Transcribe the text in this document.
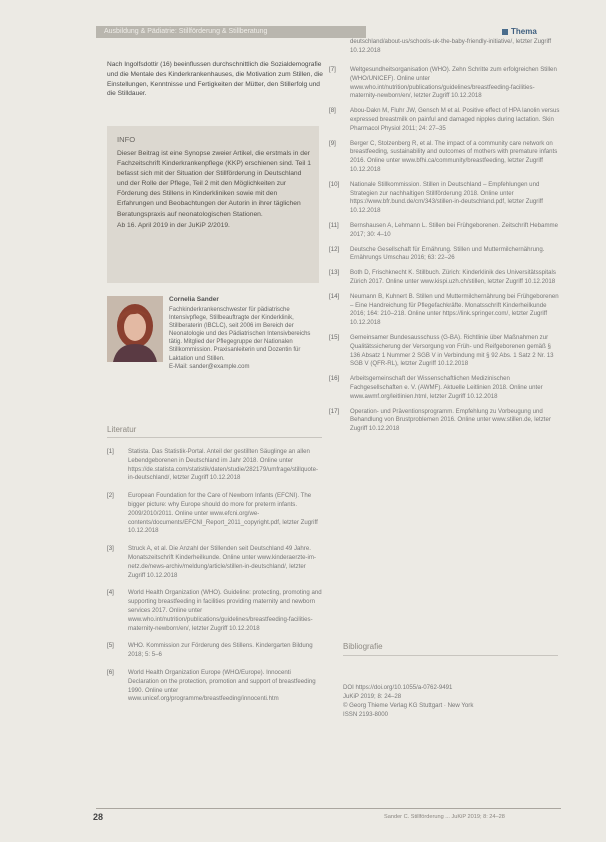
Ausbildung & Pädiatrie: Stillförderung & Stillberatung	Thema
Nach Ingolfsdottir (16) beeinflussen durchschnittlich die Sozialdemografie und die Mentale des Kinderkrankenhauses, die Motivation zum Stillen, die Einstellungen, Kenntnisse und Fertigkeiten der Mütter, den Stillerfolg und die Stilldauer.
INFO

Dieser Beitrag ist eine Synopse zweier Artikel, die erstmals in der Fachzeitschrift Kinderkrankenpflege (KKP) erschienen sind. Teil 1 befasst sich mit der Situation der Stillförderung in Deutschland und der Rolle der Pflege, Teil 2 mit den Möglichkeiten zur Förderung des Stillens in Kinderkliniken sowie mit den Erfahrungen und Beobachtungen der Autorin in ihrer täglichen Beratungspraxis auf neonatologischen Stationen.

Ab 16. April 2019 in der JuKiP 2/2019.

Cornelia Sander
Fachkinderkrankenschwester für pädiatrische Intensivpflege, Stillbeauftragte der Kinderklinik, Stillberaterin (IBCLC), seit 2006 im Bereich der Neonatologie und des Pädiatrischen Intensivbereichs tätig. Mitglied der Pflegegruppe der Nationalen Stillkommission. Praxisanleiterin und Dozentin für Laktation und Stillen.
E-Mail: sander@example.com
Literatur
[1] Statista. Das Statistik-Portal. Anteil der gestillten Säuglinge an allen Lebendgeborenen in Deutschland im Jahr 2018. Online unter https://de.statista.com/statistik/daten/studie/282179/umfrage/stillquote-in-deutschland/, letzter Zugriff 10.12.2018
[2] European Foundation for the Care of Newborn Infants (EFCNI). The bigger picture: why Europe should do more for preterm infants. 2009/2010/2011. Online unter www.efcni.org/we-contents/documents/EFCNI_Report_2011_copyright.pdf, letzter Zugriff 10.12.2018
[3] Struck A, et al. Die Anzahl der Stillenden seit Deutschland 49 Jahre. Monatszeitschrift Kinderheilkunde. Online unter www.kinderaerzte-im-netz.de/news-archiv/meldung/article/stillen-in-deutschland/, letzter Zugriff 10.12.2018
[4] World Health Organization (WHO). Guideline: protecting, promoting and supporting breastfeeding in facilities providing maternity and newborn services 2017. Online unter www.who.int/nutrition/publications/guidelines/breastfeeding-facilities-maternity-newborn/en/, letzter Zugriff 10.12.2018
[5] WHO. Kommission zur Förderung des Stillens. Kindergarten Bildung 2018; 5: 5–6
[6] World Health Organization Europe (WHO/Europe). Innocenti Declaration on the protection, promotion and support of breastfeeding 1990. Online unter www.unicef.org/programme/breastfeeding/innocenti.htm
deutschland/about-us/schools-uk-the-baby-friendly-initiative/, letzter Zugriff 10.12.2018
[7] Weltgesundheitsorganisation (WHO). Zehn Schritte zum erfolgreichen Stillen (WHO/UNICEF). Online unter www.who.int/nutrition/publications/guidelines/breastfeeding-facilities-maternity-newborn/en/, letzter Zugriff 10.12.2018
[8] Abou-Dakn M, Fluhr JW, Gensch M et al. Positive effect of HPA lanolin versus expressed breastmilk on painful and damaged nipples during lactation. Skin Pharmacol Physiol 2011; 24: 27–35
[9] Berger C, Stolzenberg R, et al. The impact of a community care network on breastfeeding, sustainability and outcomes of mothers with premature infants 2016. Online unter www.bfhi.ca/community/breastfeeding, letzter Zugriff 10.12.2018
[10] Nationale Stillkommission. Stillen in Deutschland – Empfehlungen und Strategien zur nachhaltigen Stillförderung 2018. Online unter https://www.bfr.bund.de/cm/343/stillen-in-deutschland.pdf, letzter Zugriff 10.12.2018
[11] Bernshausen A, Lehmann L. Stillen bei Frühgeborenen. Zeitschrift Hebamme 2017; 30: 4–10
[12] Deutsche Gesellschaft für Ernährung. Stillen und Muttermilchernährung. Ernährungs Umschau 2016; 63: 22–26
[13] Both D, Frischknecht K. Stillbuch. Zürich: Kinderklinik des Universitätsspitals Zürich 2017. Online unter www.kispi.uzh.ch/stillen, letzter Zugriff 10.12.2018
[14] Neumann B, Kuhnert B. Stillen und Muttermilchernährung bei Frühgeborenen – Eine Handreichung für Pflegefachkräfte. Monatsschrift Kinderheilkunde 2016; 164: 210–218. Online unter https://link.springer.com/, letzter Zugriff 10.12.2018
[15] Gemeinsamer Bundesausschuss (G-BA). Richtlinie über Maßnahmen zur Qualitätssicherung der Versorgung von Früh- und Reifgeborenen gemäß § 136 Absatz 1 Nummer 2 SGB V in Verbindung mit § 92 Abs. 1 Satz 2 Nr. 13 SGB V (QFR-RL), letzter Zugriff 10.12.2018
[16] Arbeitsgemeinschaft der Wissenschaftlichen Medizinischen Fachgesellschaften e. V. (AWMF). Aktuelle Leitlinien 2018. Online unter www.awmf.org/leitlinien.html, letzter Zugriff 10.12.2018
[17] Operation- und Präventionsprogramm. Empfehlung zu Vorbeugung und Behandlung von Brustproblemen 2016. Online unter www.stillen.de, letzter Zugriff 10.12.2018
Bibliografie
DOI https://doi.org/10.1055/a-0762-9491
JuKiP 2019; 8: 24–28
© Georg Thieme Verlag KG Stuttgart · New York
ISSN 2193-8000
28	Sander C. Stillförderung ... JuKiP 2019; 8: 24–28
